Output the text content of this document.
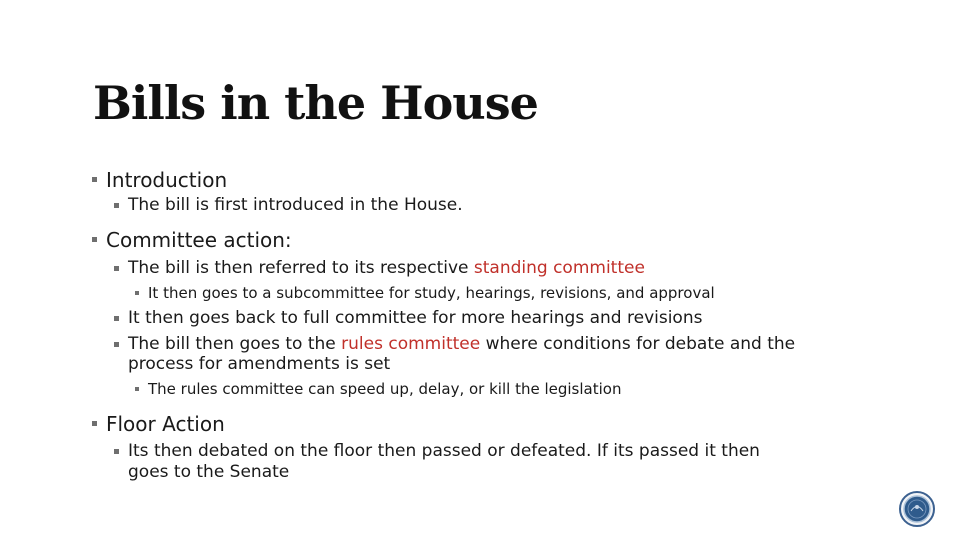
Bills in the House
Introduction
The bill is first introduced in the House.
Committee action:
The bill is then referred to its respective standing committee
It then goes to a subcommittee for study, hearings, revisions, and approval
It then goes back to full committee for more hearings and revisions
The bill then goes to the rules committee where conditions for debate and the
process for amendments is set
The rules committee can speed up, delay, or kill the legislation
Floor Action
Its then debated on the floor then passed or defeated. If its passed it then
goes to the Senate
